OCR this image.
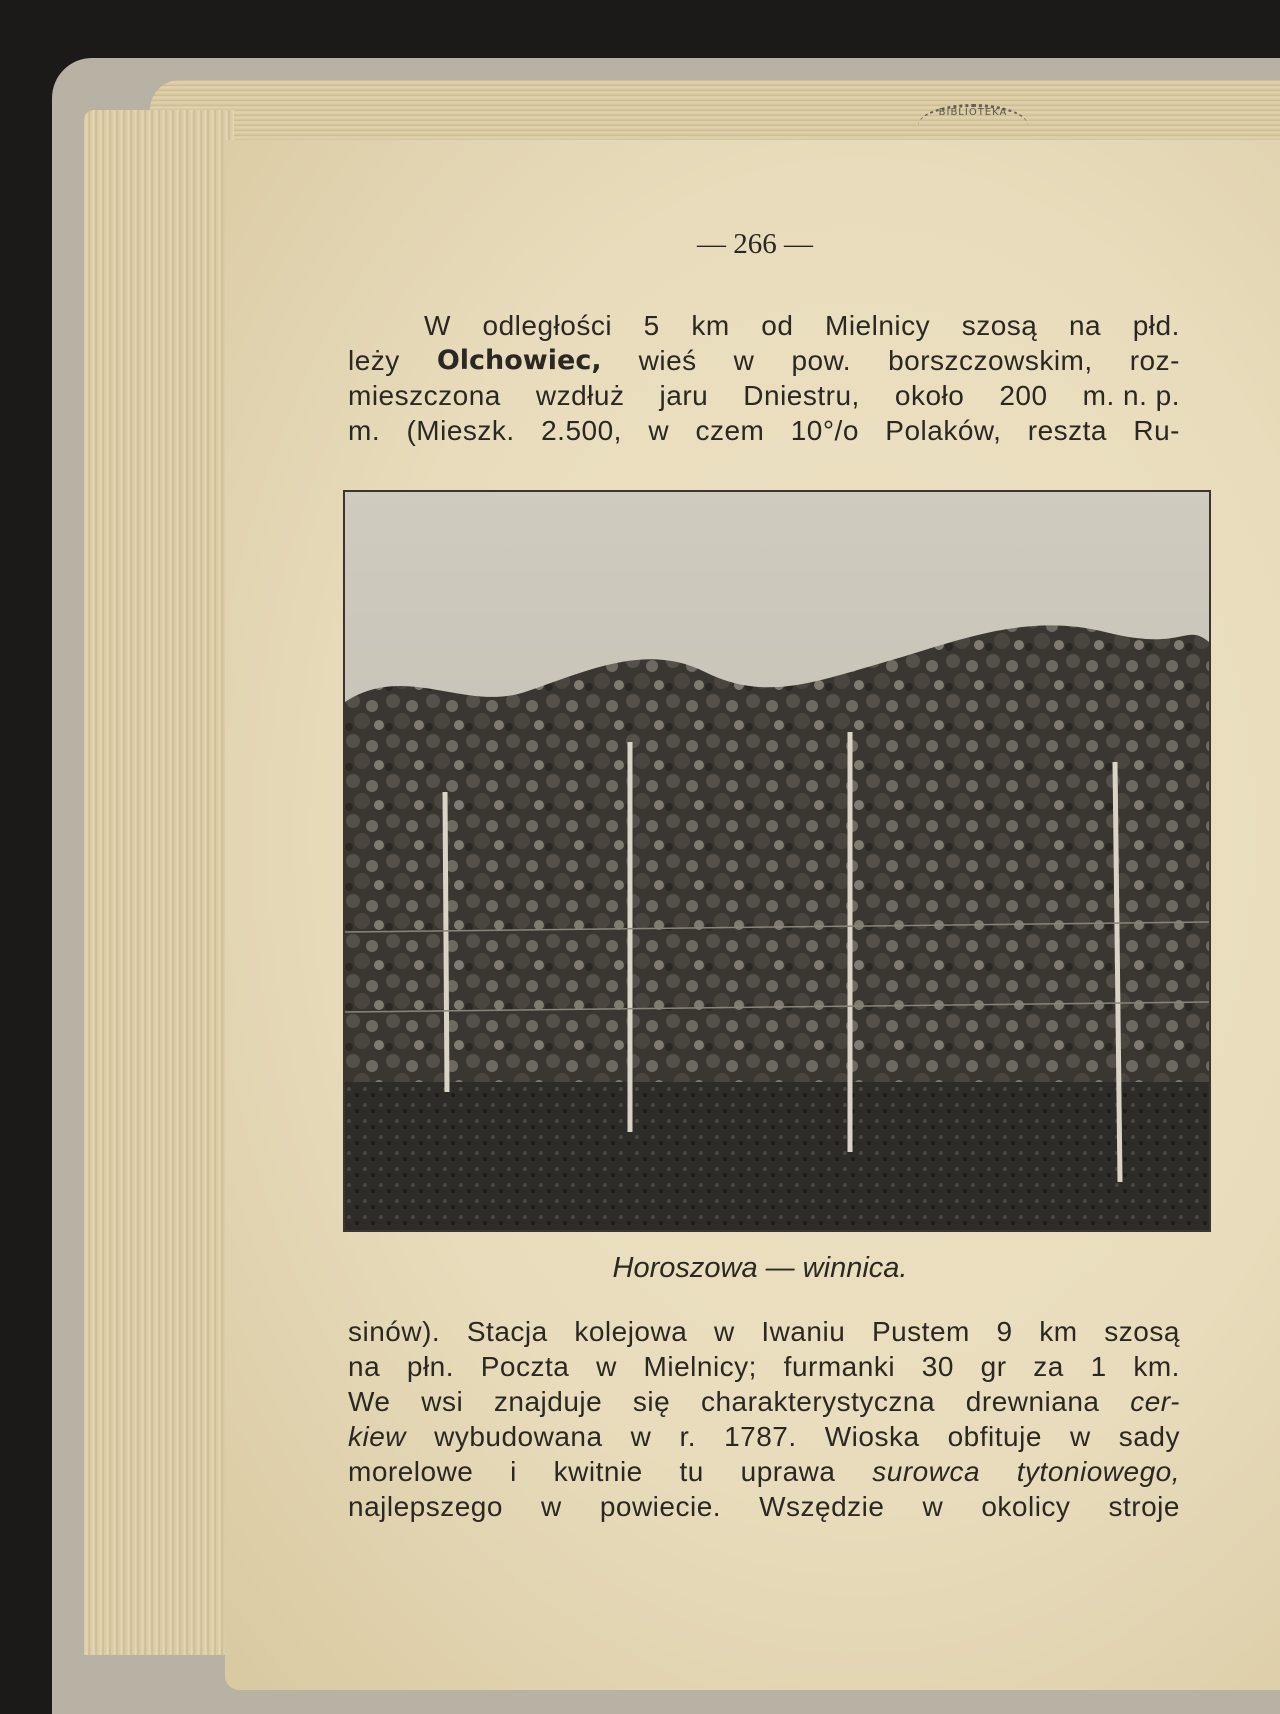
BIBLIOTEKA
— 266 —
W odległości 5 km od Mielnicy szosą na płd.
leży Olchowiec, wieś w pow. borszczowskim, roz-
mieszczona wzdłuż jaru Dniestru, około 200 m. n. p.
m. (Mieszk. 2.500, w czem 10°/o Polaków, reszta Ru-
Horoszowa — winnica.
sinów). Stacja kolejowa w Iwaniu Pustem 9 km szosą
na płn. Poczta w Mielnicy; furmanki 30 gr za 1 km.
We wsi znajduje się charakterystyczna drewniana cer-
kiew wybudowana w r. 1787. Wioska obfituje w sady
morelowe i kwitnie tu uprawa surowca tytoniowego,
najlepszego w powiecie. Wszędzie w okolicy stroje
